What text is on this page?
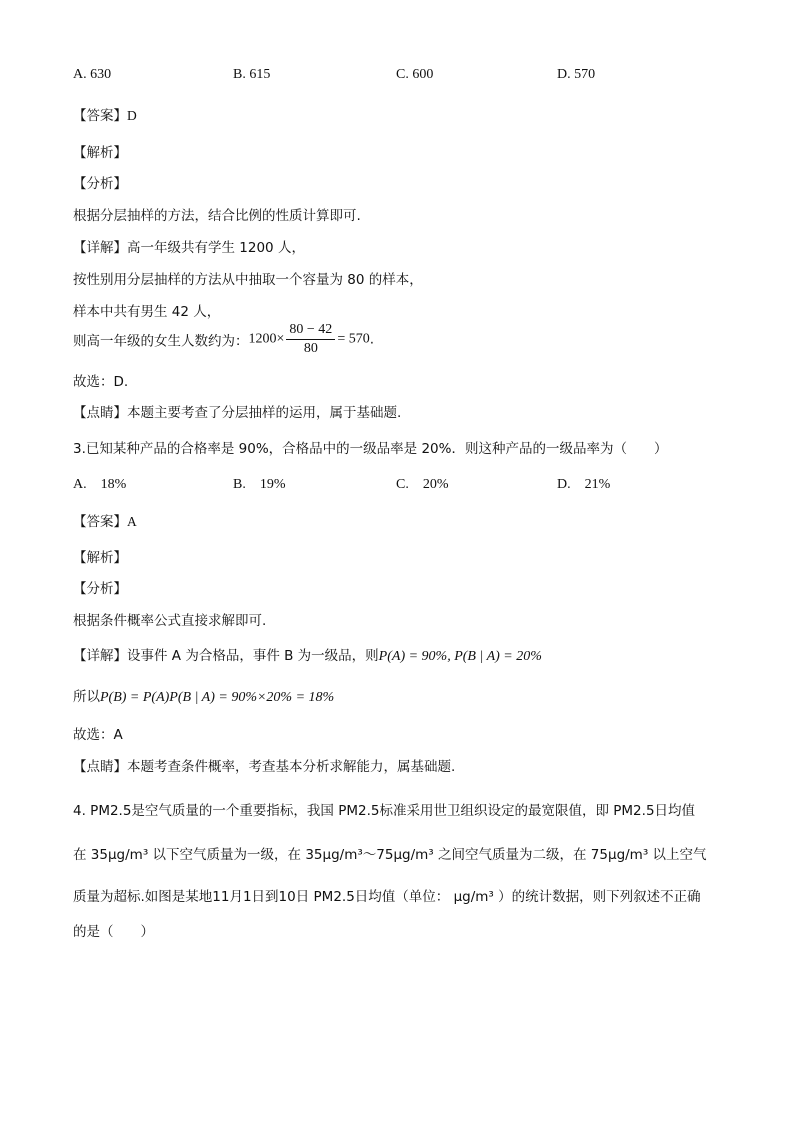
A. 630	B. 615	C. 600	D. 570
【答案】D
【解析】
【分析】
根据分层抽样的方法，结合比例的性质计算即可.
【详解】高一年级共有学生 1200 人，
按性别用分层抽样的方法从中抽取一个容量为 80 的样本，
样本中共有男生 42 人，
则高一年级的女生人数约为：$1200\times \frac{80 - 42}{80} = 570$.
故选：D.
【点睛】本题主要考查了分层抽样的运用，属于基础题.
3.已知某种产品的合格率是 90%，合格品中的一级品率是 20%．则这种产品的一级品率为（　　）
A.　18%	B.　19%	C.　20%	D.　21%
【答案】A
【解析】
【分析】
根据条件概率公式直接求解即可.
【详解】设事件 A 为合格品，事件 B 为一级品，则P(A) = 90%, P(B | A) = 20%
所以P(B) = P(A)P(B | A) = 90%×20% = 18%
故选：A
【点睛】本题考查条件概率，考查基本分析求解能力，属基础题.
4. PM2.5是空气质量的一个重要指标，我国 PM2.5标准采用世卫组织设定的最宽限值，即 PM2.5日均值
在 35μg/m³ 以下空气质量为一级，在 35μg/m³～75μg/m³ 之间空气质量为二级，在 75μg/m³ 以上空气
质量为超标.如图是某地11月1日到10日 PM2.5日均值（单位： μg/m³ ）的统计数据，则下列叙述不正确
的是（　　）
